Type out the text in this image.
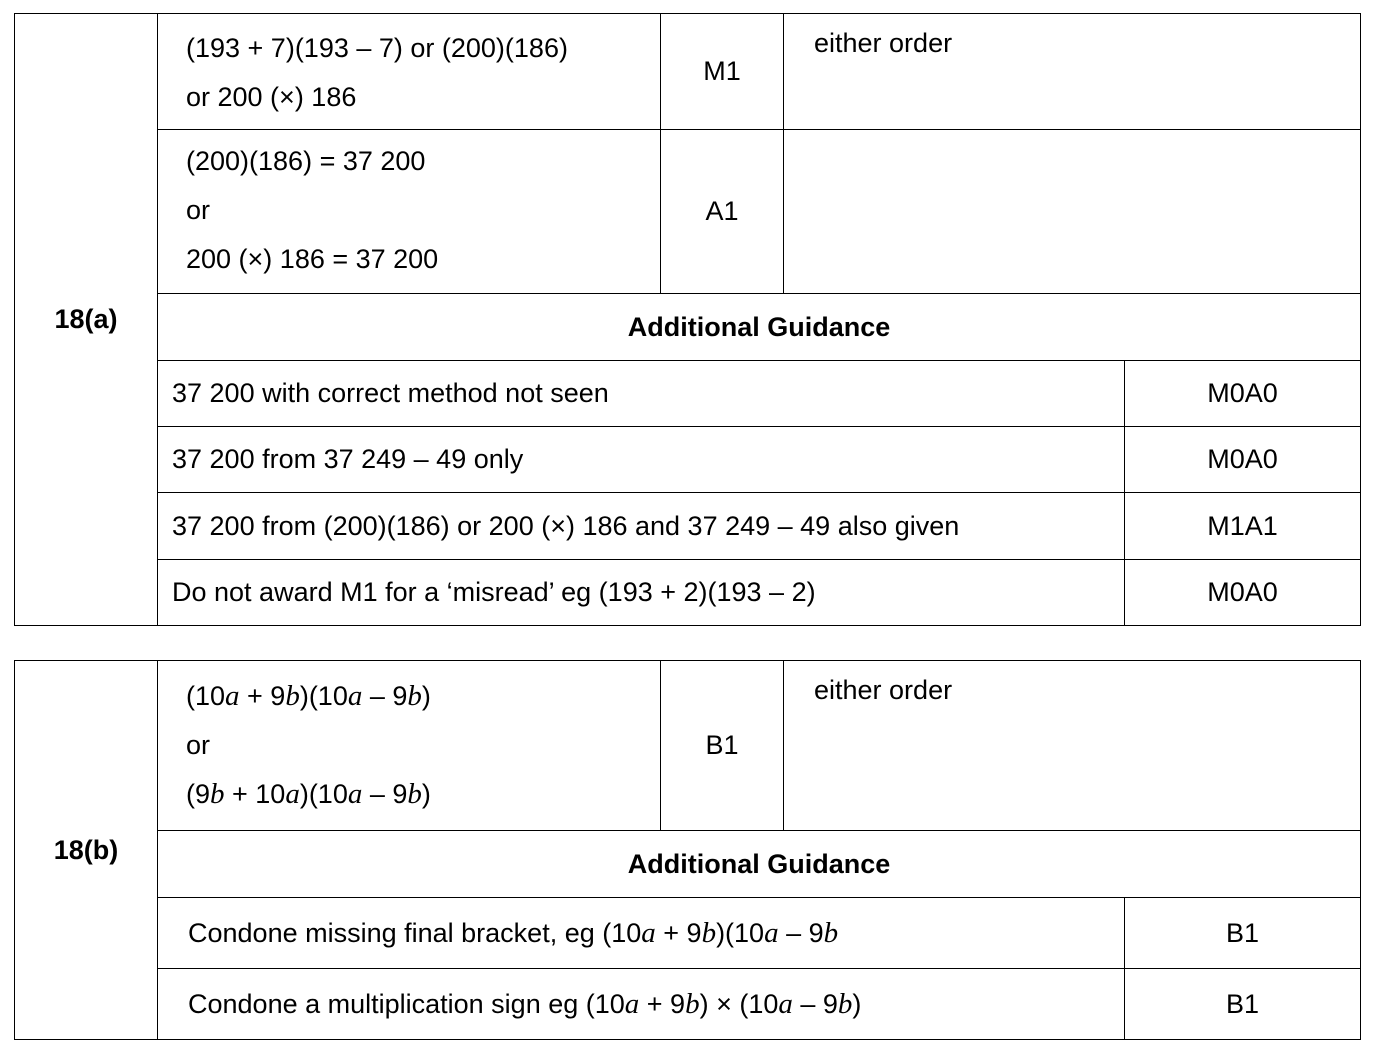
18(a)	(193 + 7)(193 – 7) or (200)(186)
or 200 (×) 186	M1	either order	

	(200)(186) = 37 200
or
200 (×) 186 = 37 200	A1		
	Additional Guidance			
	37 200 with correct method not seen			M0A0
	37 200 from 37 249 – 49 only			M0A0
	37 200 from (200)(186) or 200 (×) 186 and 37 249 – 49 also given			M1A1
	Do not award M1 for a ‘misread’ eg (193 + 2)(193 – 2)			M0A0
18(b)	(10a + 9b)(10a – 9b)
or
(9b + 10a)(10a – 9b)	B1	either order	
	Additional Guidance			
	Condone missing final bracket, eg (10a + 9b)(10a – 9b			B1
	Condone a multiplication sign eg (10a + 9b) × (10a – 9b)			B1
